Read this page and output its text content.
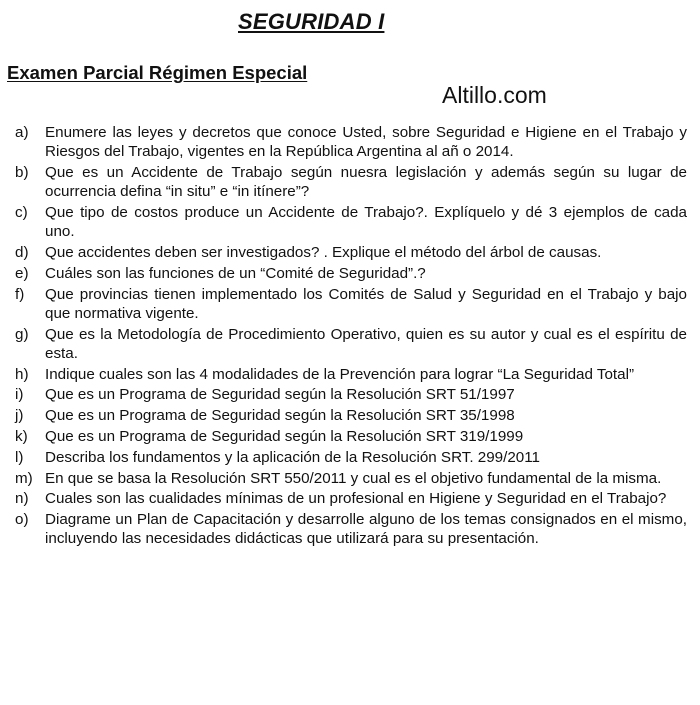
SEGURIDAD I
Examen Parcial Régimen Especial
Altillo.com
a)	Enumere las leyes y decretos que conoce Usted, sobre Seguridad e Higiene en el Trabajo y Riesgos del Trabajo, vigentes en la República Argentina al añ o 2014.
b)	Que es un Accidente de Trabajo según nuesra legislación y además según su lugar de ocurrencia defina “in situ” e “in itínere”?
c)	Que tipo de costos produce un Accidente de Trabajo?. Explíquelo y dé 3 ejemplos de cada uno.
d)	Que accidentes deben ser investigados? . Explique el método del árbol de causas.
e)	Cuáles son las funciones de un “Comité de Seguridad”.?
f)	Que provincias tienen implementado los Comités de Salud y Seguridad en el Trabajo y bajo que normativa vigente.
g)	Que es la Metodología de Procedimiento Operativo, quien es su autor y cual es el espíritu de esta.
h)	Indique cuales son las 4 modalidades de la Prevención para lograr “La Seguridad Total”
i)	Que es un Programa de Seguridad según la Resolución SRT 51/1997
j)	Que es un Programa de Seguridad según la Resolución SRT 35/1998
k)	Que es un Programa de Seguridad según la Resolución SRT 319/1999
l)	Describa los fundamentos y la aplicación de la Resolución SRT. 299/2011
m) En que se basa la Resolución SRT 550/2011 y cual es el objetivo fundamental de la misma.
n)	Cuales son las cualidades mínimas de un profesional en Higiene y Seguridad en el Trabajo?
o)	Diagrame un Plan de Capacitación y desarrolle alguno de los temas consignados en el mismo, incluyendo las necesidades didácticas que utilizará para su presentación.
